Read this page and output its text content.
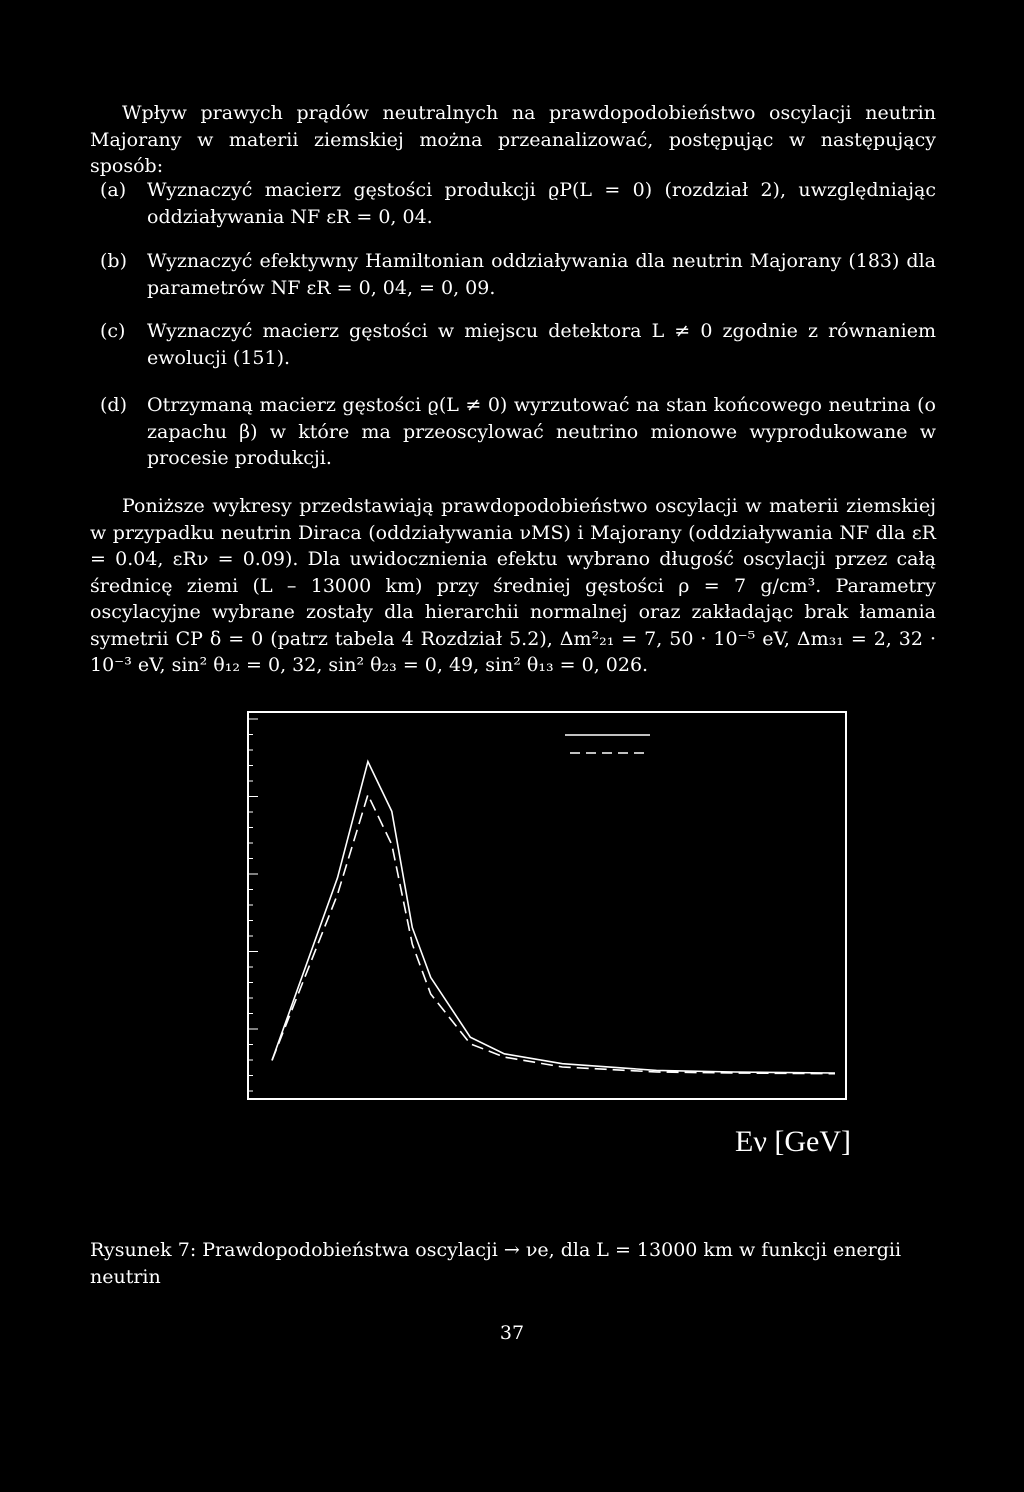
Wpływ prawych prądów neutralnych na prawdopodobieństwo oscylacji neutrin Majorany w materii ziemskiej można przeanalizować, postępując w następujący sposób:

(a) Wyznaczyć macierz gęstości produkcji ϱP(L = 0) (rozdział 2), uwzględniając oddziaływania NF εR = 0, 04.
(b) Wyznaczyć efektywny Hamiltonian oddziaływania dla neutrin Majorany (183) dla parametrów NF εR = 0, 04, = 0, 09.
(c) Wyznaczyć macierz gęstości w miejscu detektora L ≠ 0 zgodnie z równaniem ewolucji (151).
(d) Otrzymaną macierz gęstości ϱ(L ≠ 0) wyrzutować na stan końcowego neutrina (o zapachu β) w które ma przeoscylować neutrino mionowe wyprodukowane w procesie produkcji.

Poniższe wykresy przedstawiają prawdopodobieństwo oscylacji w materii ziemskiej w przypadku neutrin Diraca (oddziaływania νMS) i Majorany (oddziaływania NF dla εR = 0.04, εRν = 0.09). Dla uwidocznienia efektu wybrano długość oscylacji przez całą średnicę ziemi (L – 13000 km) przy średniej gęstości ρ = 7 g/cm³. Parametry oscylacyjne wybrane zostały dla hierarchii normalnej oraz zakładając brak łamania symetrii CP δ = 0 (patrz tabela 4 Rozdział 5.2), Δm²₂₁ = 7, 50 · 10⁻⁵ eV, Δm₃₁ = 2, 32 · 10⁻³ eV, sin² θ₁₂ = 0, 32, sin² θ₂₃ = 0, 49, sin² θ₁₃ = 0, 026.

Eν [GeV]

Rysunek 7: Prawdopodobieństwa oscylacji → νe, dla L = 13000 km w funkcji energii neutrin

37
